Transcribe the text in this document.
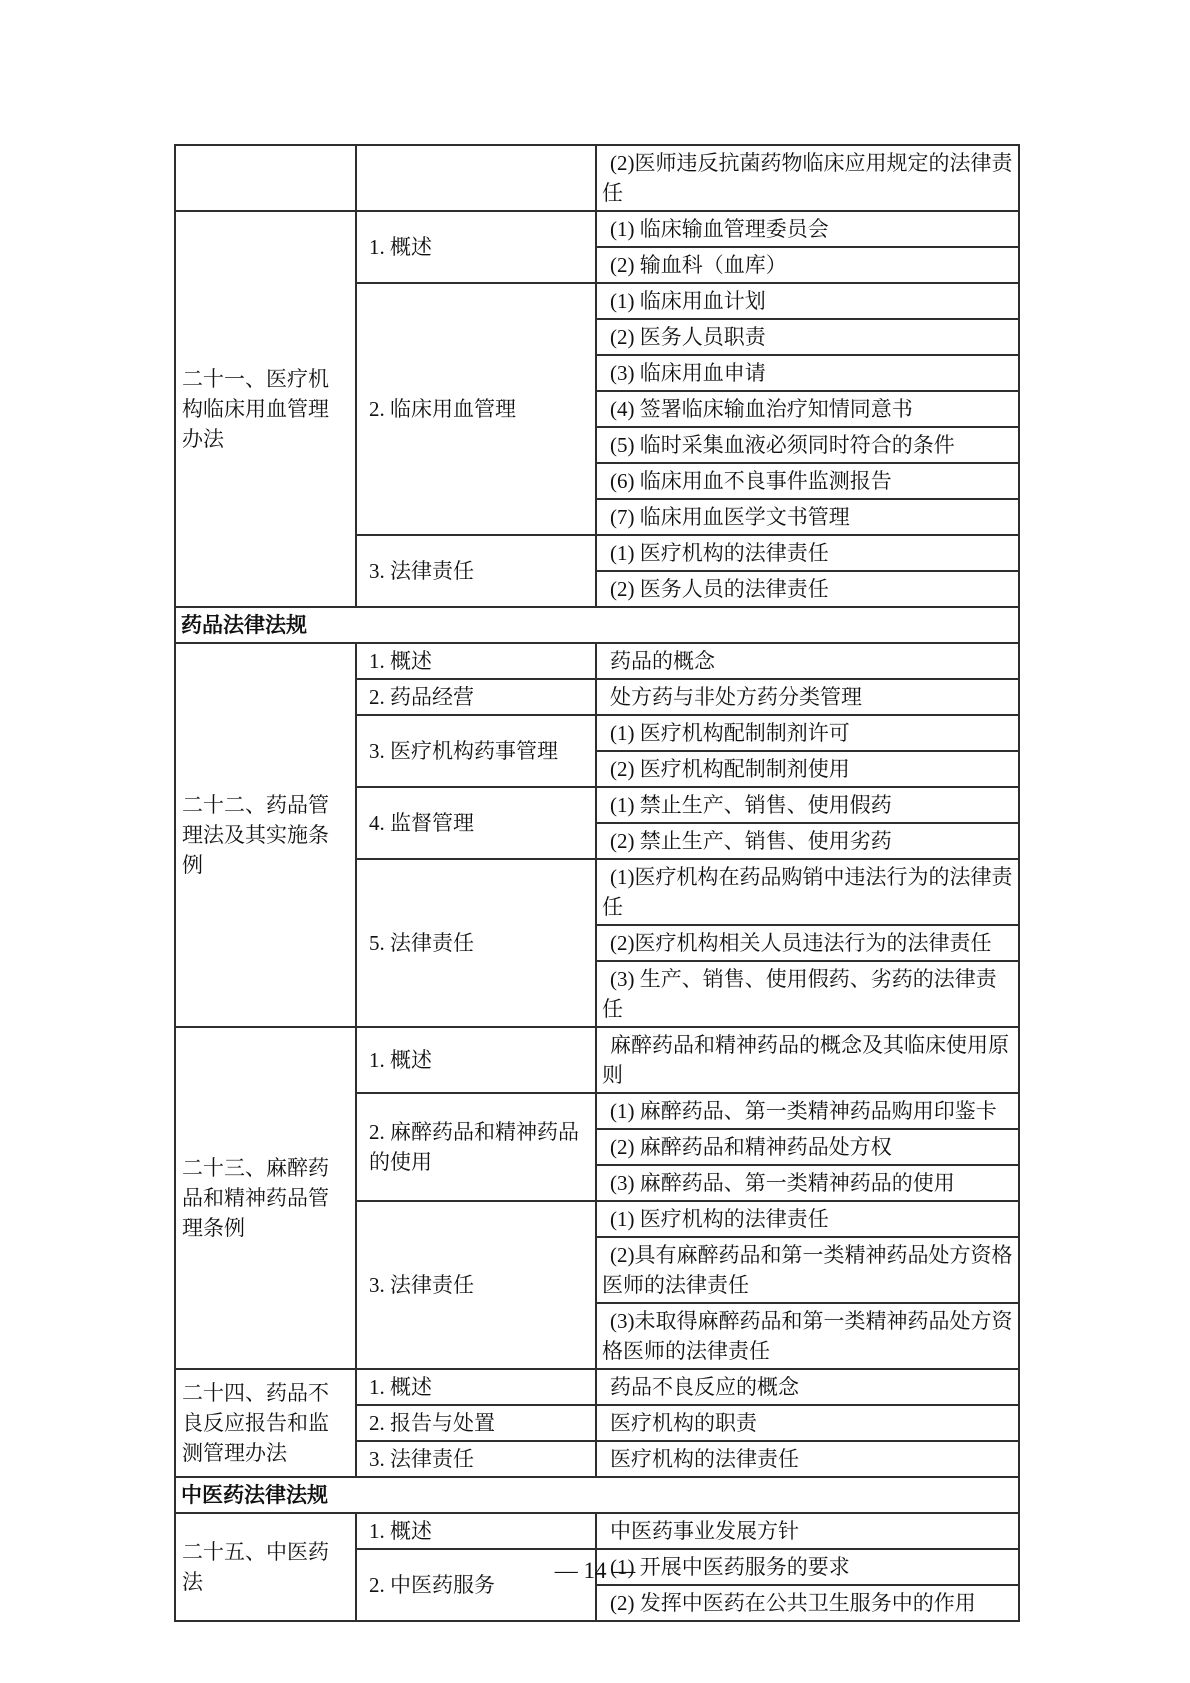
		(2)医师违反抗菌药物临床应用规定的法律责任
二十一、医疗机构临床用血管理办法	1. 概述	(1) 临床输血管理委员会
		(2) 输血科（血库）
	2. 临床用血管理	(1) 临床用血计划
		(2) 医务人员职责
		(3) 临床用血申请
		(4) 签署临床输血治疗知情同意书
		(5) 临时采集血液必须同时符合的条件
		(6) 临床用血不良事件监测报告
		(7) 临床用血医学文书管理
	3. 法律责任	(1) 医疗机构的法律责任
		(2) 医务人员的法律责任
药品法律法规		
二十二、药品管理法及其实施条例	1. 概述	药品的概念
	2. 药品经营	处方药与非处方药分类管理
	3. 医疗机构药事管理	(1) 医疗机构配制制剂许可
		(2) 医疗机构配制制剂使用
	4. 监督管理	(1) 禁止生产、销售、使用假药
		(2) 禁止生产、销售、使用劣药
	5. 法律责任	(1)医疗机构在药品购销中违法行为的法律责任
		(2)医疗机构相关人员违法行为的法律责任
		(3) 生产、销售、使用假药、劣药的法律责任
二十三、麻醉药品和精神药品管理条例	1. 概述	麻醉药品和精神药品的概念及其临床使用原则
	2. 麻醉药品和精神药品的使用	(1) 麻醉药品、第一类精神药品购用印鉴卡
		(2) 麻醉药品和精神药品处方权
		(3) 麻醉药品、第一类精神药品的使用
	3. 法律责任	(1) 医疗机构的法律责任
		(2)具有麻醉药品和第一类精神药品处方资格医师的法律责任
		(3)未取得麻醉药品和第一类精神药品处方资格医师的法律责任
二十四、药品不良反应报告和监测管理办法	1. 概述	药品不良反应的概念
	2. 报告与处置	医疗机构的职责
	3. 法律责任	医疗机构的法律责任
中医药法律法规		
二十五、中医药法	1. 概述	中医药事业发展方针
	2. 中医药服务	(1) 开展中医药服务的要求
		(2) 发挥中医药在公共卫生服务中的作用
— 14 —
